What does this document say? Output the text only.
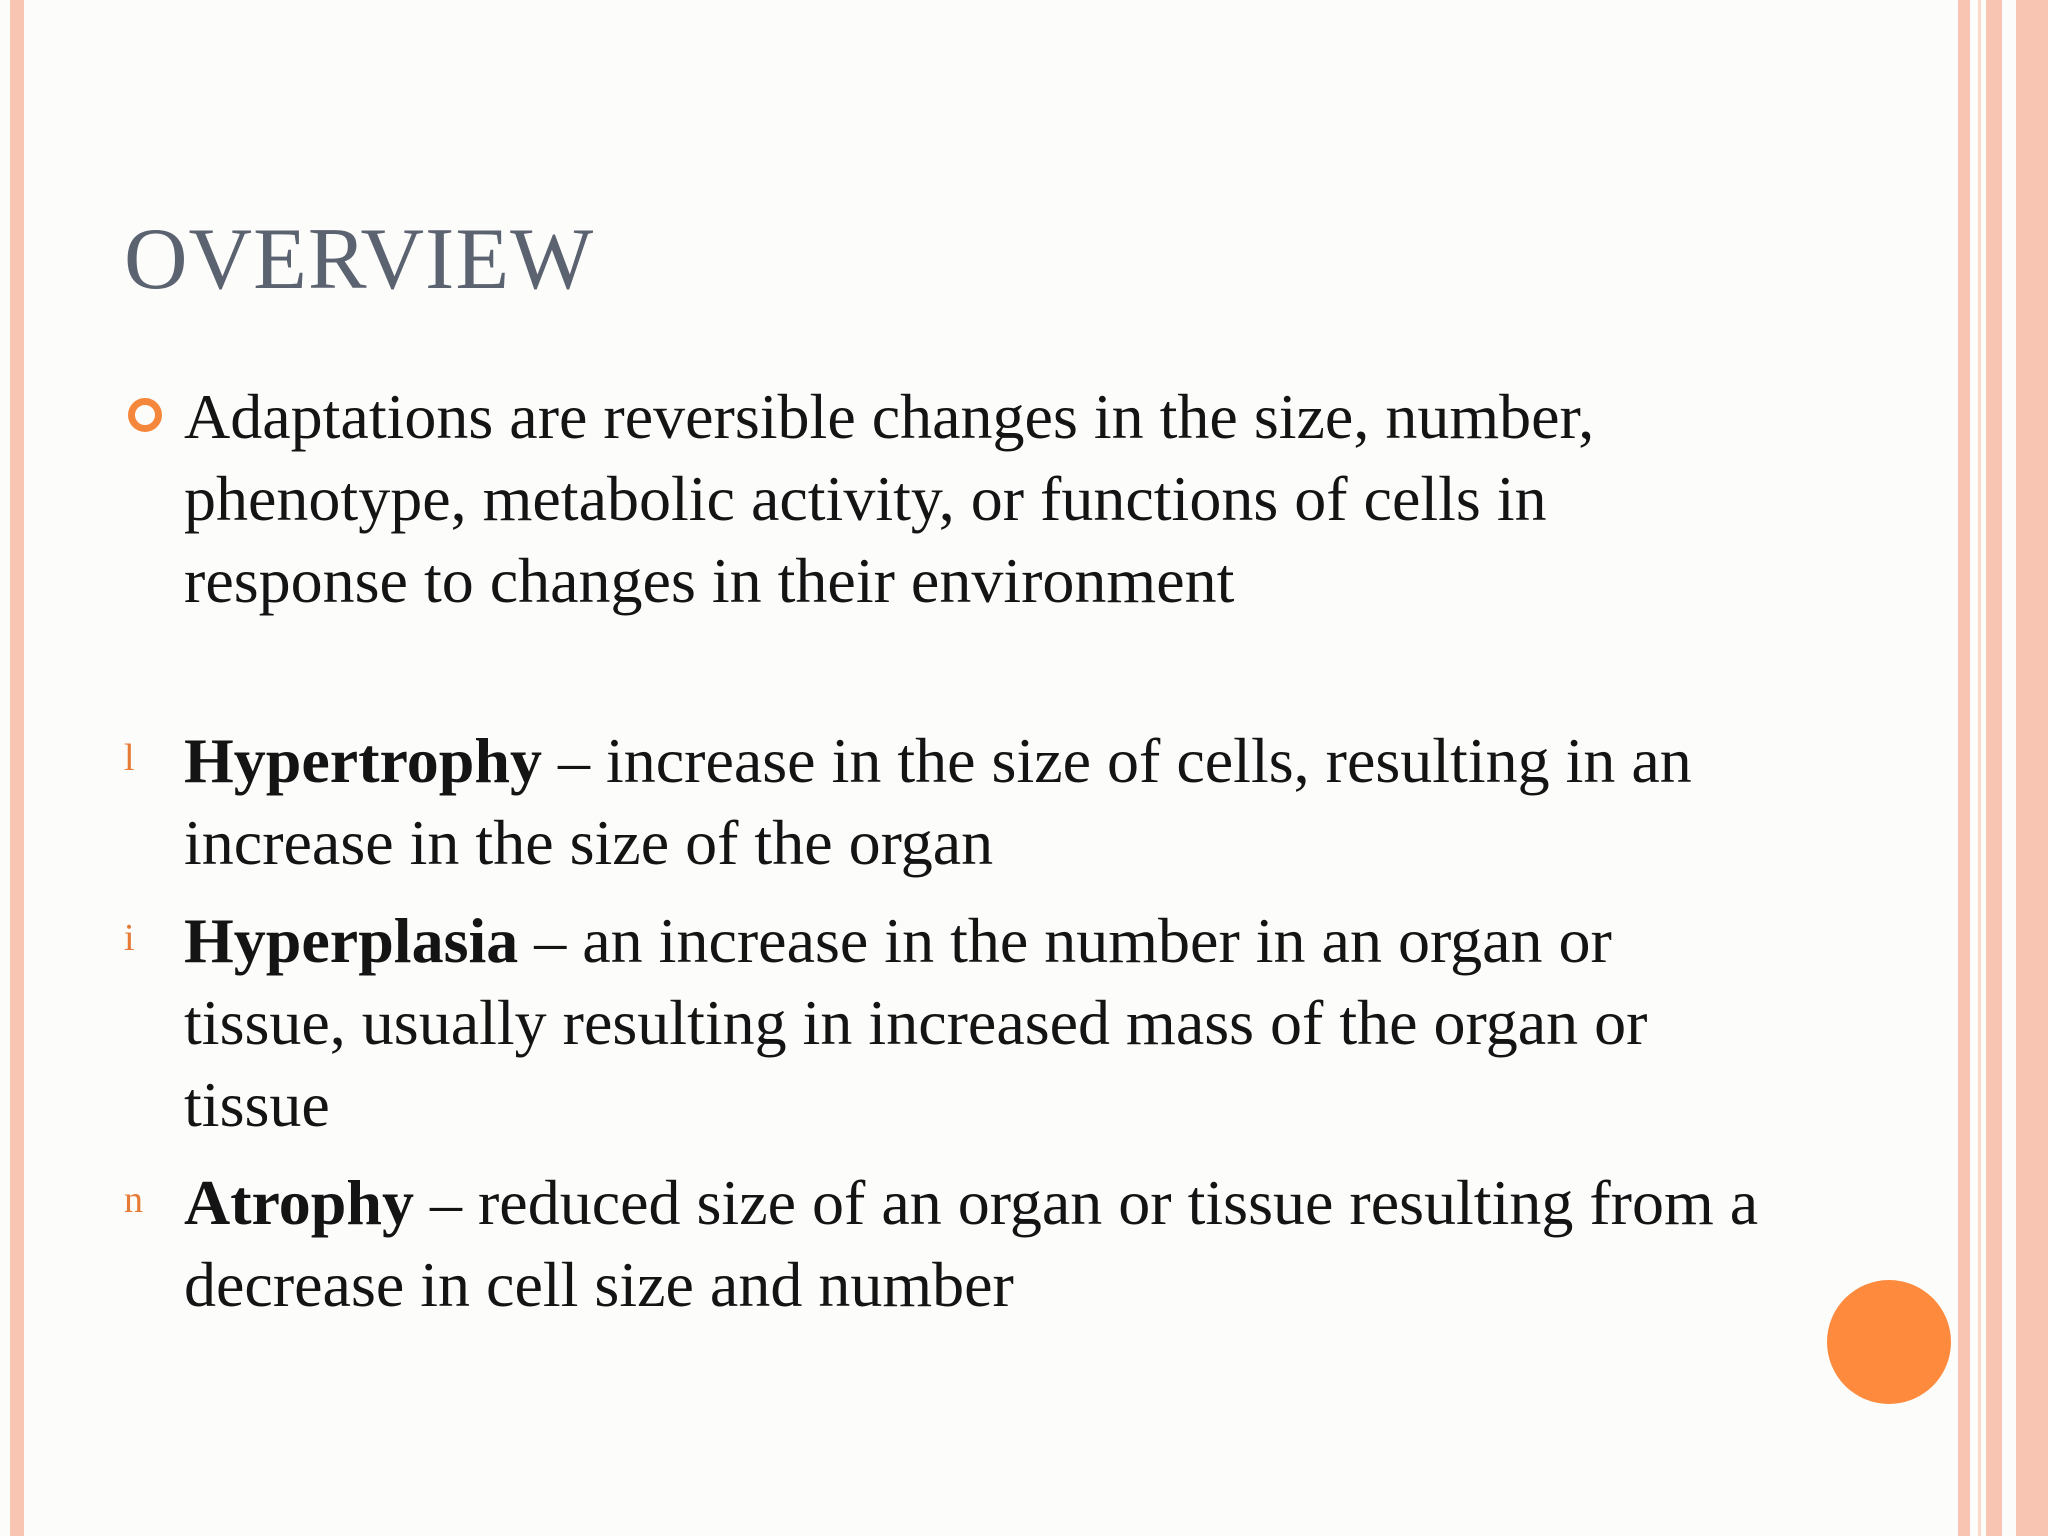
OVERVIEW
Adaptations are reversible changes in the size, number, phenotype, metabolic activity, or functions of cells in response to changes in their environment
l Hypertrophy – increase in the size of cells, resulting in an increase in the size of the organ
i Hyperplasia – an increase in the number in an organ or tissue, usually resulting in increased mass of the organ or tissue
n Atrophy – reduced size of an organ or tissue resulting from a decrease in cell size and number
